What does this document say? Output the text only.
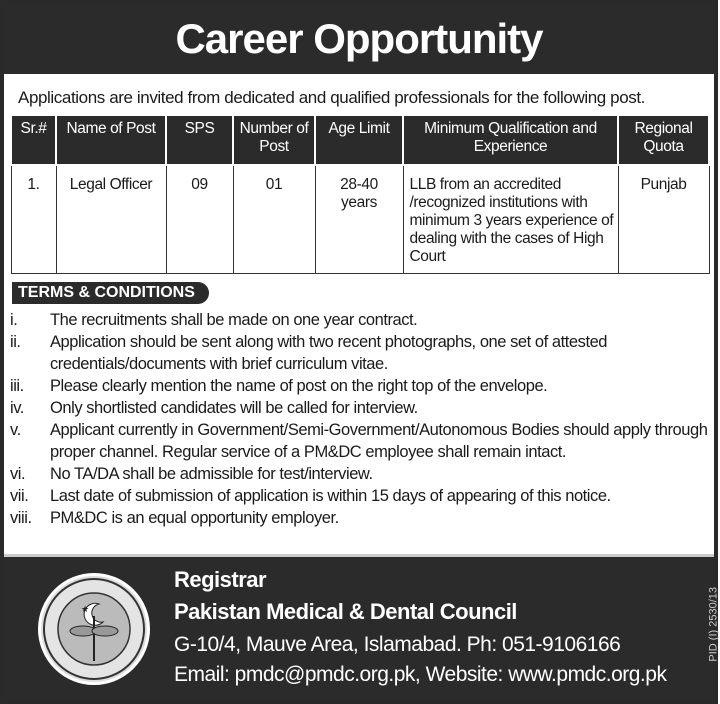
Career Opportunity
Applications are invited from dedicated and qualified professionals for the following post.
Sr.#	Name of Post	SPS	Number of Post	Age Limit	Minimum Qualification and Experience	Regional Quota
1.	Legal Officer	09	01	28-40 years	LLB from an accredited /recognized institutions with minimum 3 years experience of dealing with the cases of High Court	Punjab
TERMS & CONDITIONS
i.	The recruitments shall be made on one year contract.
ii.	Application should be sent along with two recent photographs, one set of attested credentials/documents with brief curriculum vitae.
iii.	Please clearly mention the name of post on the right top of the envelope.
iv.	Only shortlisted candidates will be called for interview.
v.	Applicant currently in Government/Semi-Government/Autonomous Bodies should apply through proper channel. Regular service of a PM&DC employee shall remain intact.
vi.	No TA/DA shall be admissible for test/interview.
vii.	Last date of submission of application is within 15 days of appearing of this notice.
viii.	PM&DC is an equal opportunity employer.
★
Registrar
Pakistan Medical & Dental Council
G-10/4, Mauve Area, Islamabad. Ph: 051-9106166
Email: pmdc@pmdc.org.pk, Website: www.pmdc.org.pk
PID (I) 2530/13
